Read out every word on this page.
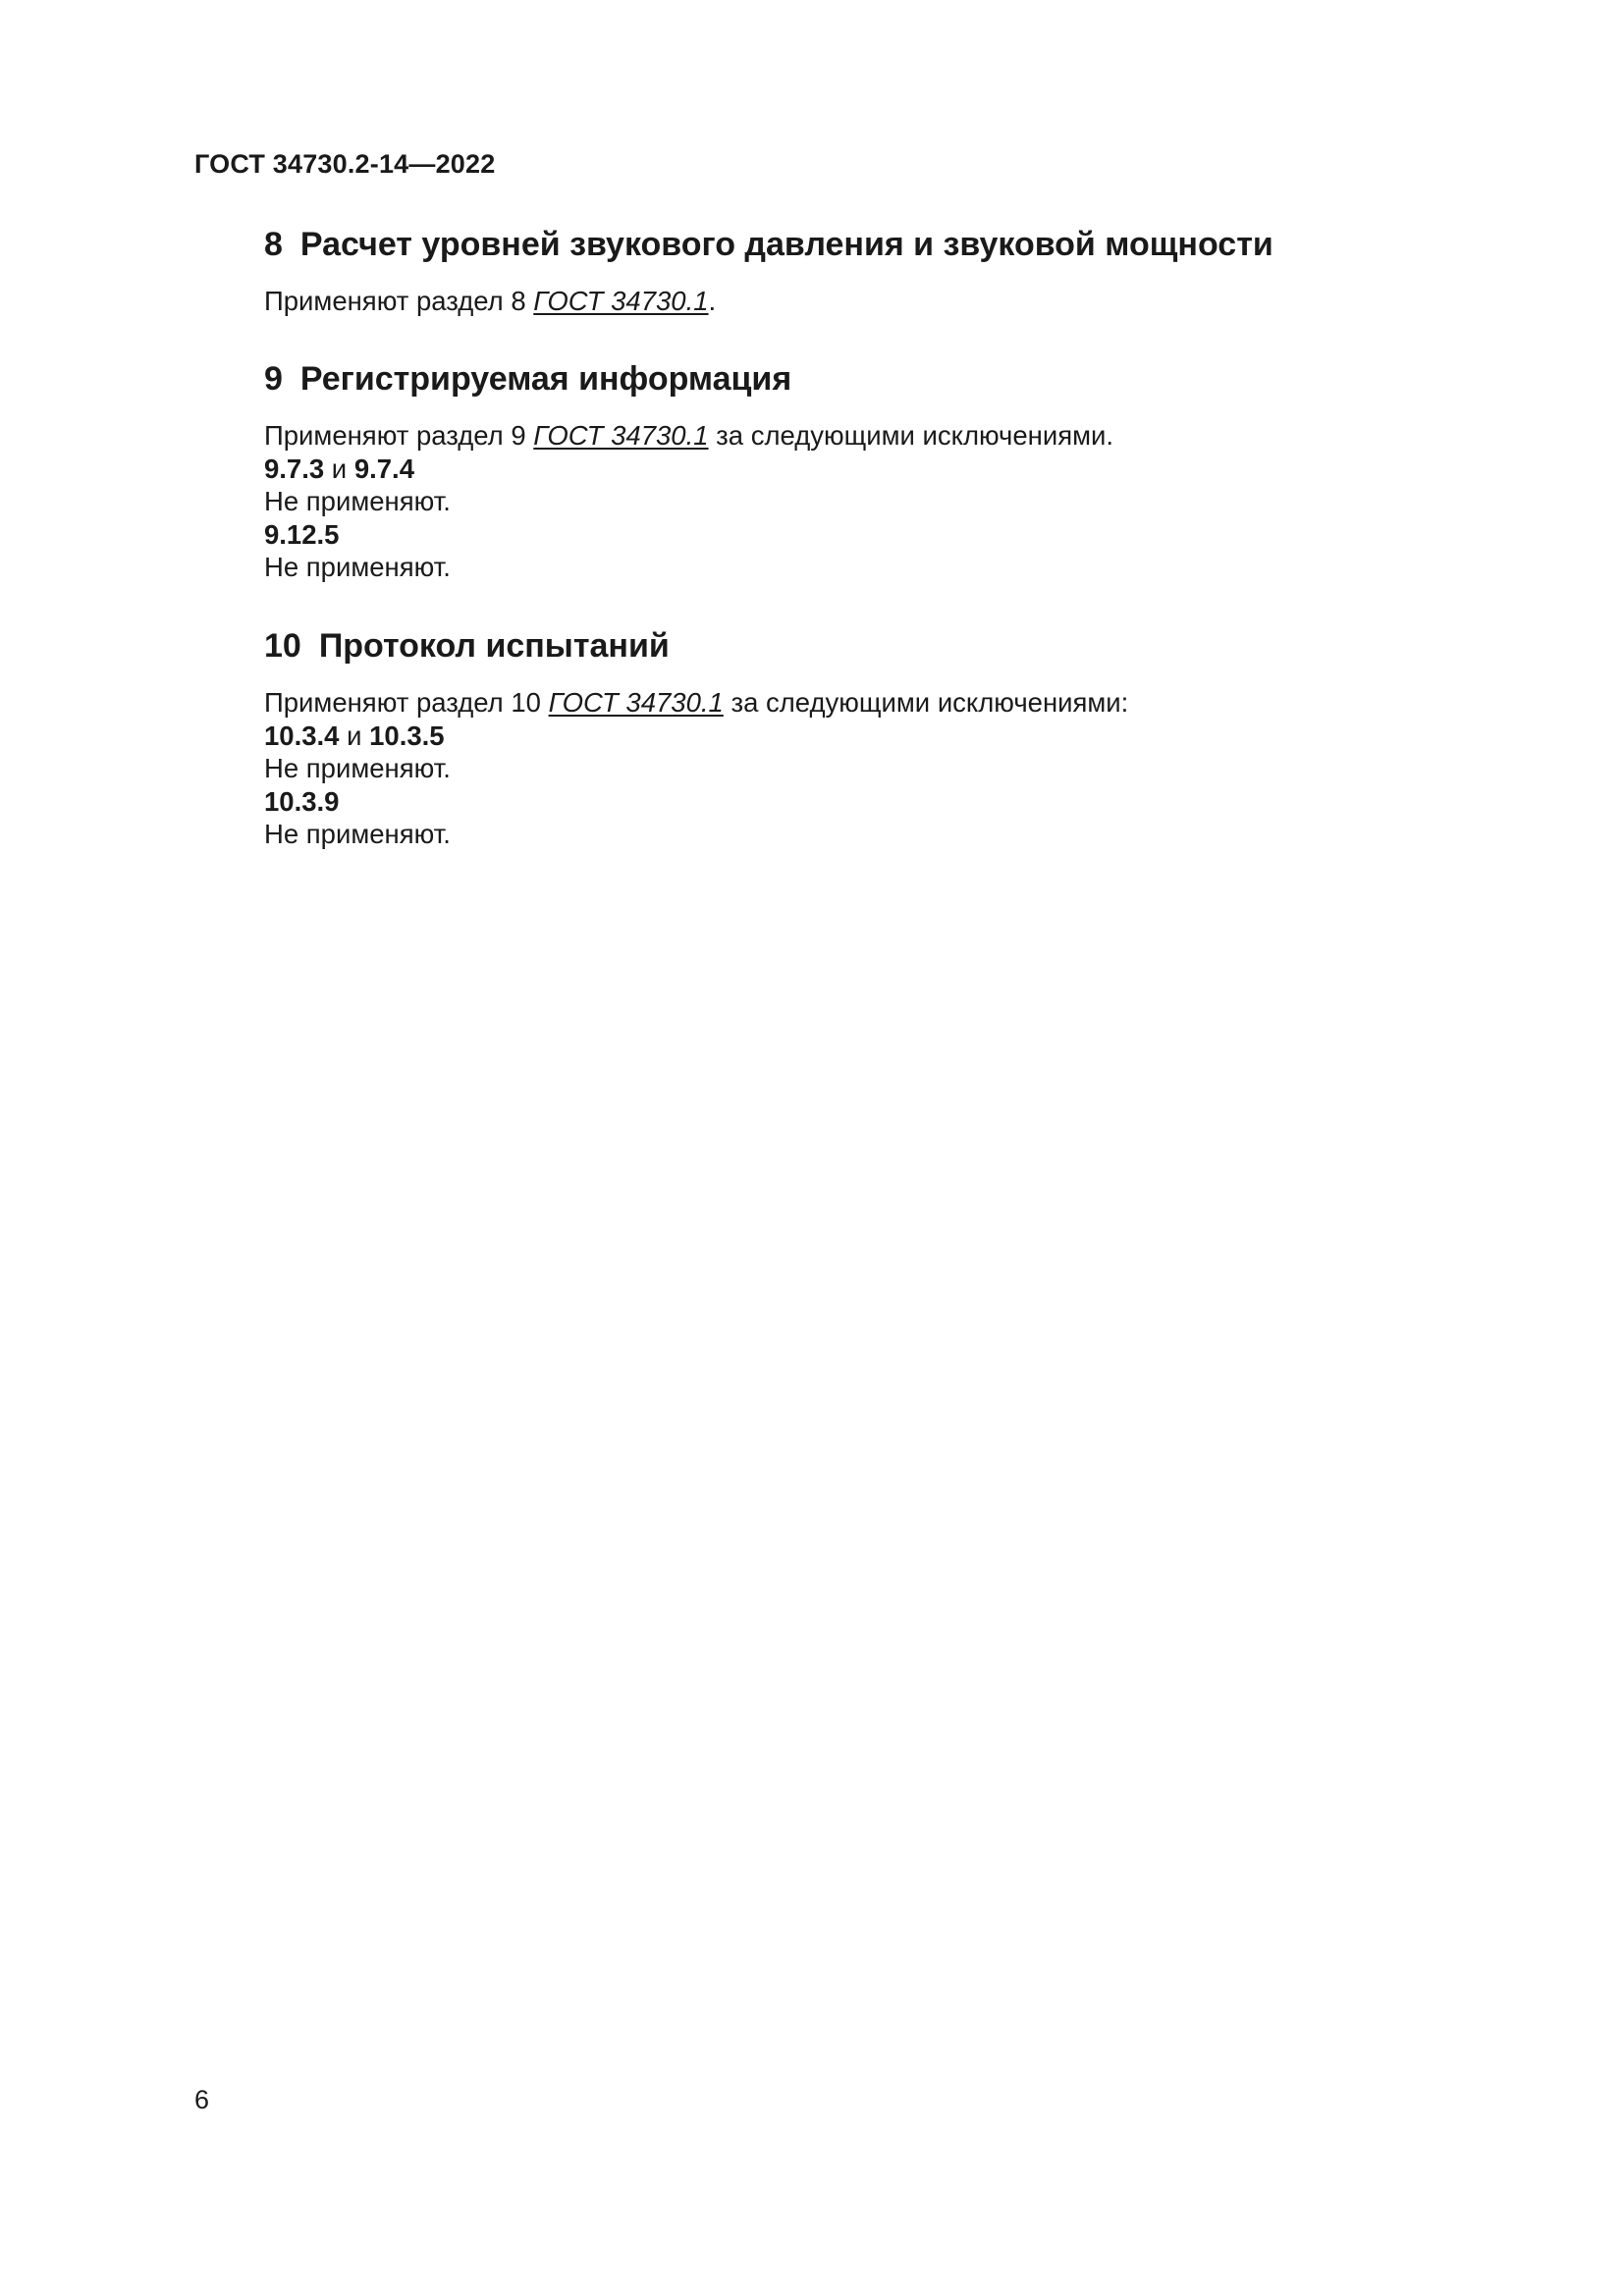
ГОСТ 34730.2-14—2022
8 Расчет уровней звукового давления и звуковой мощности
Применяют раздел 8 ГОСТ 34730.1.
9 Регистрируемая информация
Применяют раздел 9 ГОСТ 34730.1 за следующими исключениями.
9.7.3 и 9.7.4
Не применяют.
9.12.5
Не применяют.
10 Протокол испытаний
Применяют раздел 10 ГОСТ 34730.1 за следующими исключениями:
10.3.4 и 10.3.5
Не применяют.
10.3.9
Не применяют.
6
